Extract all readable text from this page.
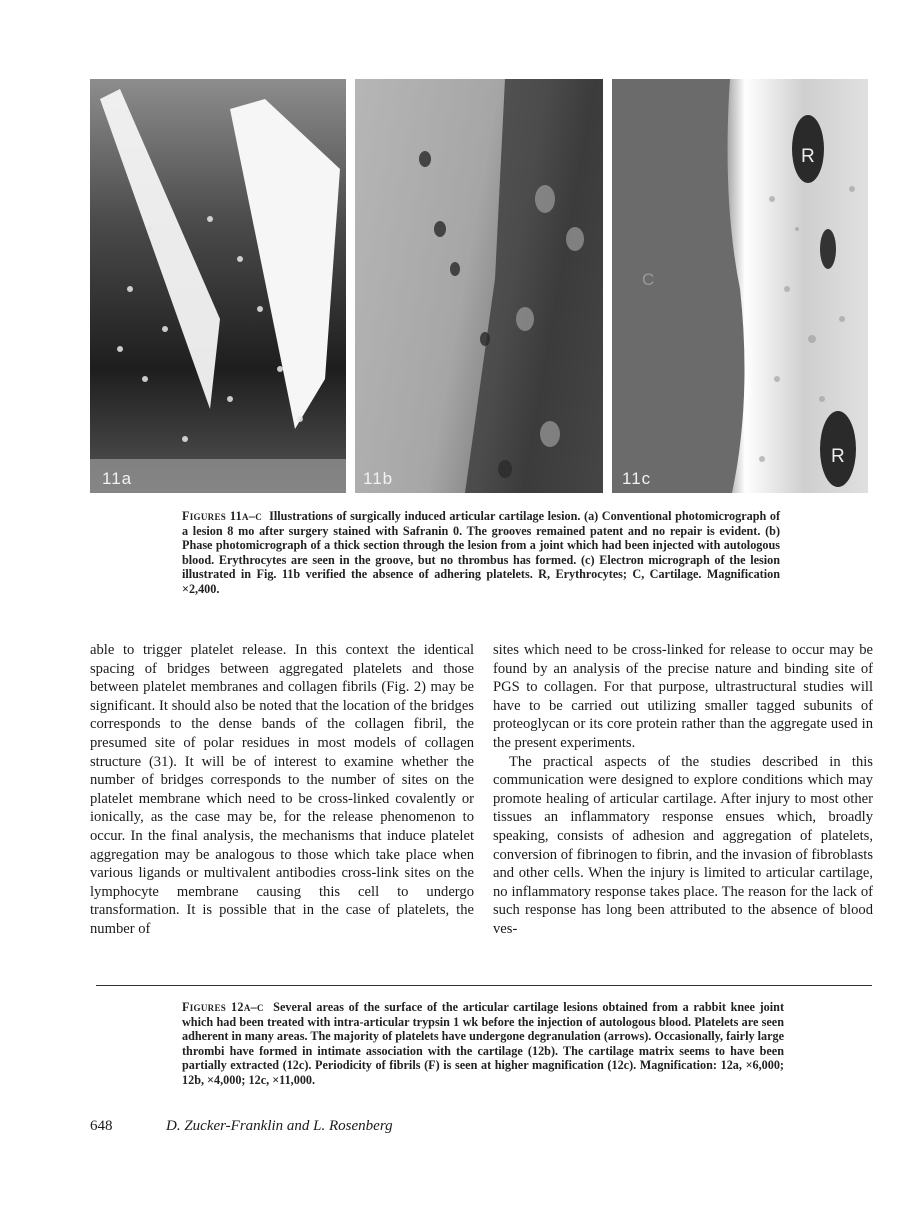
11a	11b
R
R
C
11c
Figures 11a–c Illustrations of surgically induced articular cartilage lesion. (a) Conventional photomicrograph of a lesion 8 mo after surgery stained with Safranin 0. The grooves remained patent and no repair is evident. (b) Phase photomicrograph of a thick section through the lesion from a joint which had been injected with autologous blood. Erythrocytes are seen in the groove, but no thrombus has formed. (c) Electron micrograph of the lesion illustrated in Fig. 11b verified the absence of adhering platelets. R, Erythrocytes; C, Cartilage. Magnification ×2,400.

able to trigger platelet release. In this context the identical spacing of bridges between aggregated platelets and those between platelet membranes and collagen fibrils (Fig. 2) may be significant. It should also be noted that the location of the bridges corresponds to the dense bands of the collagen fibril, the presumed site of polar residues in most models of collagen structure (31). It will be of interest to examine whether the number of bridges corresponds to the number of sites on the platelet membrane which need to be cross-linked covalently or ionically, as the case may be, for the release phenomenon to occur. In the final analysis, the mechanisms that induce platelet aggregation may be analogous to those which take place when various ligands or multivalent antibodies cross-link sites on the lymphocyte membrane causing this cell to undergo transformation. It is possible that in the case of platelets, the number of

sites which need to be cross-linked for release to occur may be found by an analysis of the precise nature and binding site of PGS to collagen. For that purpose, ultrastructural studies will have to be carried out utilizing smaller tagged subunits of proteoglycan or its core protein rather than the aggregate used in the present experiments.

The practical aspects of the studies described in this communication were designed to explore conditions which may promote healing of articular cartilage. After injury to most other tissues an inflammatory response ensues which, broadly speaking, consists of adhesion and aggregation of platelets, conversion of fibrinogen to fibrin, and the invasion of fibroblasts and other cells. When the injury is limited to articular cartilage, no inflammatory response takes place. The reason for the lack of such response has long been attributed to the absence of blood ves-

Figures 12a–c Several areas of the surface of the articular cartilage lesions obtained from a rabbit knee joint which had been treated with intra-articular trypsin 1 wk before the injection of autologous blood. Platelets are seen adherent in many areas. The majority of platelets have undergone degranulation (arrows). Occasionally, fairly large thrombi have formed in intimate association with the cartilage (12b). The cartilage matrix seems to have been partially extracted (12c). Periodicity of fibrils (F) is seen at higher magnification (12c). Magnification: 12a, ×6,000; 12b, ×4,000; 12c, ×11,000.
648	D. Zucker-Franklin and L. Rosenberg
